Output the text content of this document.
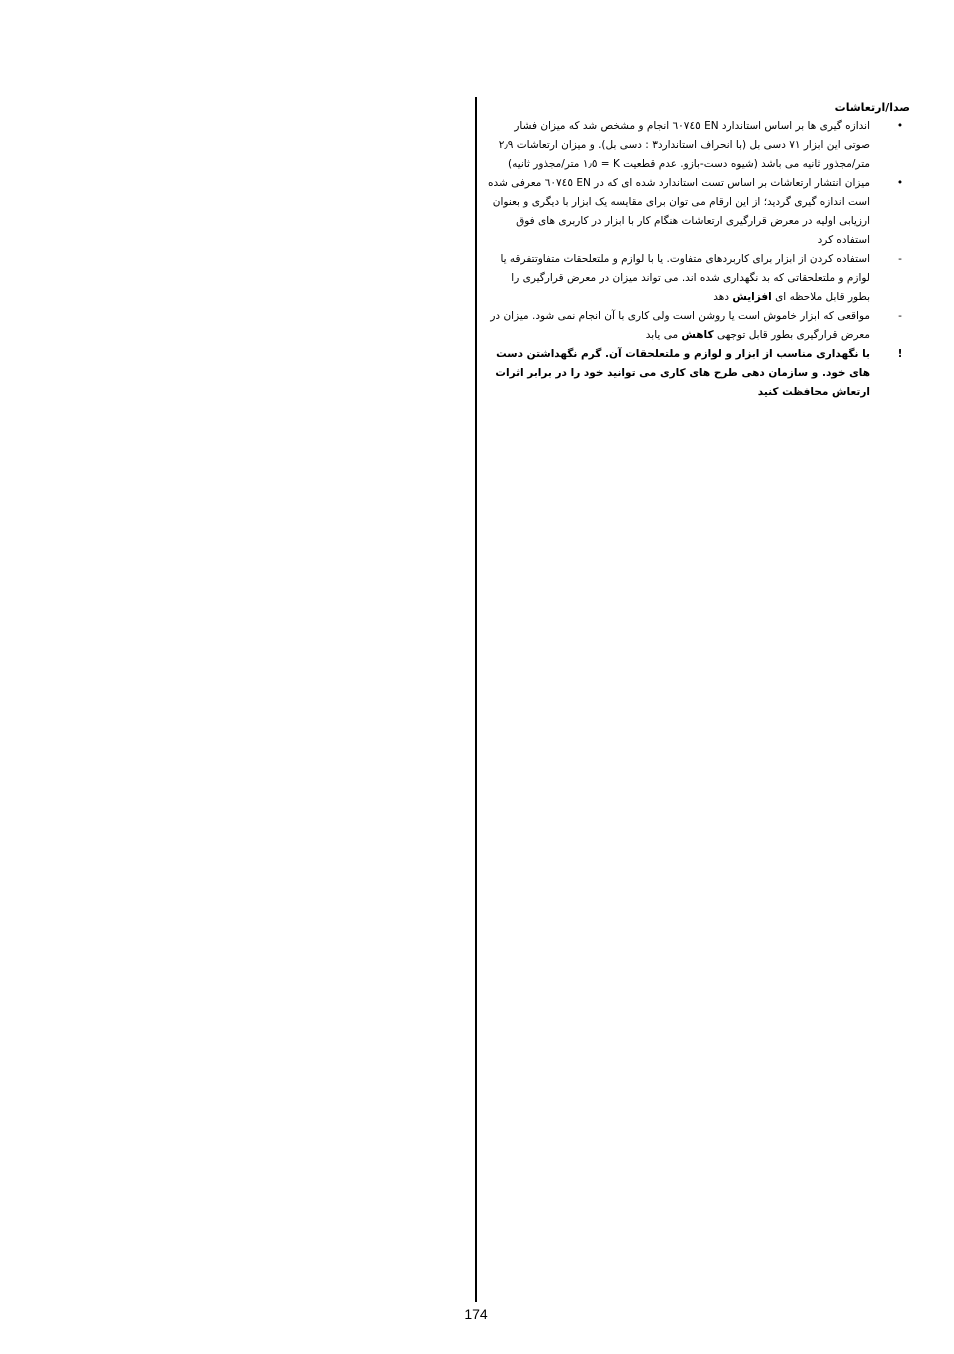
صدا/ارتعاشات

•
اندازه گیری ها بر اساس استاندارد EN ٦٠٧٤٥ انجام و مشخص شد که میزان فشار صوتی این ابزار ٧١ دسی بل (با انحراف استاندارد٣ : دسی بل). و میزان ارتعاشات ٢٫٩ متر/مجذور ثانیه می باشد (شیوه دست-بازو. عدم قطعیت K = ١٫٥ متر/مجذور ثانیه)

•
میزان انتشار ارتعاشات بر اساس تست استاندارد شده ای که در EN ٦٠٧٤٥ معرفی شده است اندازه گیری گردید؛ از این ارقام می توان برای مقایسه یک ابزار با دیگری و بعنوان ارزیابی اولیه در معرض قرارگیری ارتعاشات هنگام کار با ابزار در کاربری های فوق استفاده کرد

-
استفاده کردن از ابزار برای کاربردهای متفاوت. یا با لوازم و ملتعلحقات متفاوتتفرقه یا لوازم و ملتعلحقاتی که بد نگهداری شده اند. می تواند میزان در معرض قرارگیری را بطور قابل ملاحظه ای افزایش دهد

-
مواقعی که ابزار خاموش است یا روشن است ولی کاری با آن انجام نمی شود. میزان در معرض قرارگیری بطور قابل توجهی کاهش می یابد

!

با نگهداری مناسب از ابزار و لوازم و ملتعلحقات آن. گرم نگهداشتن دست های خود. و سازمان دهی طرح های کاری می توانید خود را در برابر اثرات ارتعاش محافظت کنید

174
